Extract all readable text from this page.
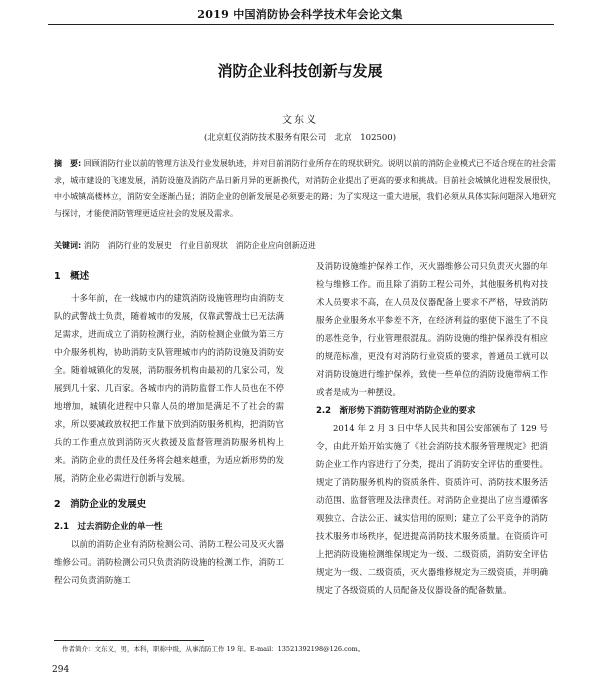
2019 中国消防协会科学技术年会论文集
消防企业科技创新与发展
文东义
(北京虹仪消防技术服务有限公司　北京　102500)
摘　要: 回顾消防行业以前的管理方法及行业发展轨迹，并对目前消防行业所存在的现状研究。说明以前的消防企业模式已不适合现在的社会需求，城市建设的飞速发展，消防设施及消防产品日新月异的更新换代，对消防企业提出了更高的要求和挑战。目前社会城镇化进程发展很快，中小城镇高楼林立，消防安全逐渐凸显；消防企业的创新发展是必须要走的路；为了实现这一重大进展，我们必须从具体实际问题深入地研究与探讨，才能使消防管理更适应社会的发展及需求。
关键词: 消防　消防行业的发展史　行业目前现状　消防企业应向创新迈进
1　概述

十多年前，在一线城市内的建筑消防设施管理均由消防支队的武警战士负责，随着城市的发展，仅靠武警战士已无法满足需求，进而成立了消防检测行业，消防检测企业做为第三方中介服务机构，协助消防支队管理城市内的消防设施及消防安全。随着城镇化的发展，消防服务机构由最初的几家公司，发展到几十家、几百家。各城市内的消防监督工作人员也在不停地增加，城镇化进程中只靠人员的增加是满足不了社会的需求，所以要减政放权把工作量下放到消防服务机构，把消防官兵的工作重点放到消防灭火救援及监督管理消防服务机构上来。消防企业的责任及任务将会越来越重，为适应新形势的发展，消防企业必需进行创新与发展。

2　消防企业的发展史
2.1　过去消防企业的单一性

以前的消防企业有消防检测公司、消防工程公司及灭火器维修公司。消防检测公司只负责消防设施的检测工作，消防工程公司负责消防施工

及消防设施维护保养工作，灭火器维修公司只负责灭火器的年检与维修工作。而且除了消防工程公司外，其他服务机构对技术人员要求不高，在人员及仪器配备上要求不严格，导致消防服务企业服务水平参差不齐，在经济利益的驱使下滋生了不良的恶性竞争，行业管理很混乱。消防设施的维护保养没有相应的规范标准，更没有对消防行业资质的要求，普通员工就可以对消防设施进行维护保养，致使一些单位的消防设施带病工作或者是成为一种摆设。

2.2　渐形势下消防管理对消防企业的要求

2014 年 2 月 3 日中华人民共和国公安部颁布了 129 号令，由此开始开始实施了《社会消防技术服务管理规定》把消防企业工作内容进行了分类，提出了消防安全评估的重要性。规定了消防服务机构的资质条件、资质许可、消防技术服务活动范围、监督管理及法律责任。对消防企业提出了应当遵循客观独立、合法公正、诚实信用的原则；建立了公平竞争的消防技术服务市场秩序，促进提高消防技术服务质量。在资质许可上把消防设施检测维保规定为一级、二级资质，消防安全评估规定为一级、二级资质，灭火器维修规定为三级资质，并明确规定了各级资质的人员配备及仪器设备的配备数量。

作者简介：文东义，男，本科，职称中级，从事消防工作 19 年。E-mail：13521392198@126.com。
294
